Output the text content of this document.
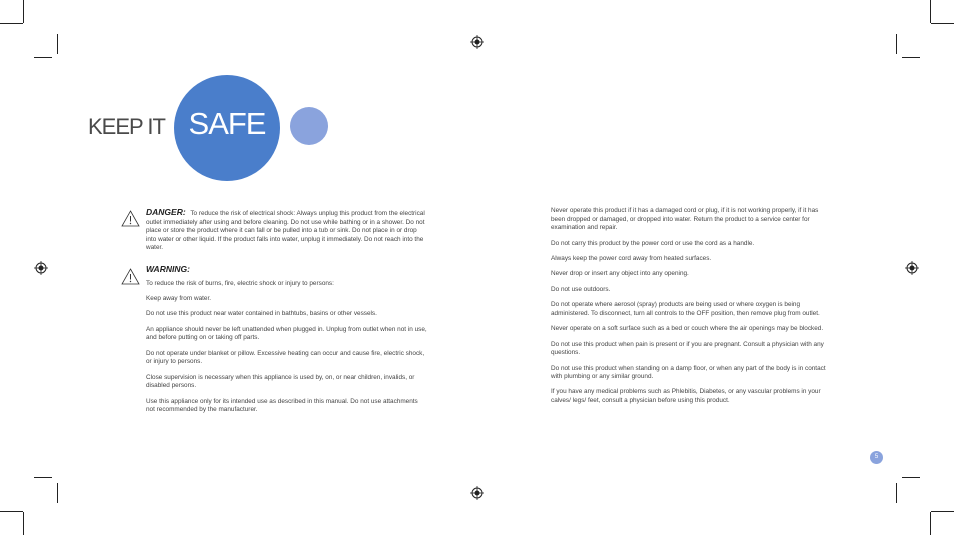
KEEP IT SAFE
DANGER: To reduce the risk of electrical shock: Always unplug this product from the electrical outlet immediately after using and before cleaning. Do not use while bathing or in a shower. Do not place or store the product where it can fall or be pulled into a tub or sink. Do not place in or drop into water or other liquid. If the product falls into water, unplug it immediately. Do not reach into the water.
WARNING:

To reduce the risk of burns, fire, electric shock or injury to persons:

Keep away from water.

Do not use this product near water contained in bathtubs, basins or other vessels.

An appliance should never be left unattended when plugged in. Unplug from outlet when not in use, and before putting on or taking off parts.

Do not operate under blanket or pillow. Excessive heating can occur and cause fire, electric shock, or injury to persons.

Close supervision is necessary when this appliance is used by, on, or near children, invalids, or disabled persons.

Use this appliance only for its intended use as described in this manual. Do not use attachments not recommended by the manufacturer.

Never operate this product if it has a damaged cord or plug, if it is not working properly, if it has been dropped or damaged, or dropped into water. Return the product to a service center for examination and repair.

Do not carry this product by the power cord or use the cord as a handle.

Always keep the power cord away from heated surfaces.

Never drop or insert any object into any opening.

Do not use outdoors.

Do not operate where aerosol (spray) products are being used or where oxygen is being administered. To disconnect, turn all controls to the OFF position, then remove plug from outlet.

Never operate on a soft surface such as a bed or couch where the air openings may be blocked.

Do not use this product when pain is present or if you are pregnant. Consult a physician with any questions.

Do not use this product when standing on a damp floor, or when any part of the body is in contact with plumbing or any similar ground.

If you have any medical problems such as Phlebitis, Diabetes, or any vascular problems in your calves/ legs/ feet, consult a physician before using this product.

5
